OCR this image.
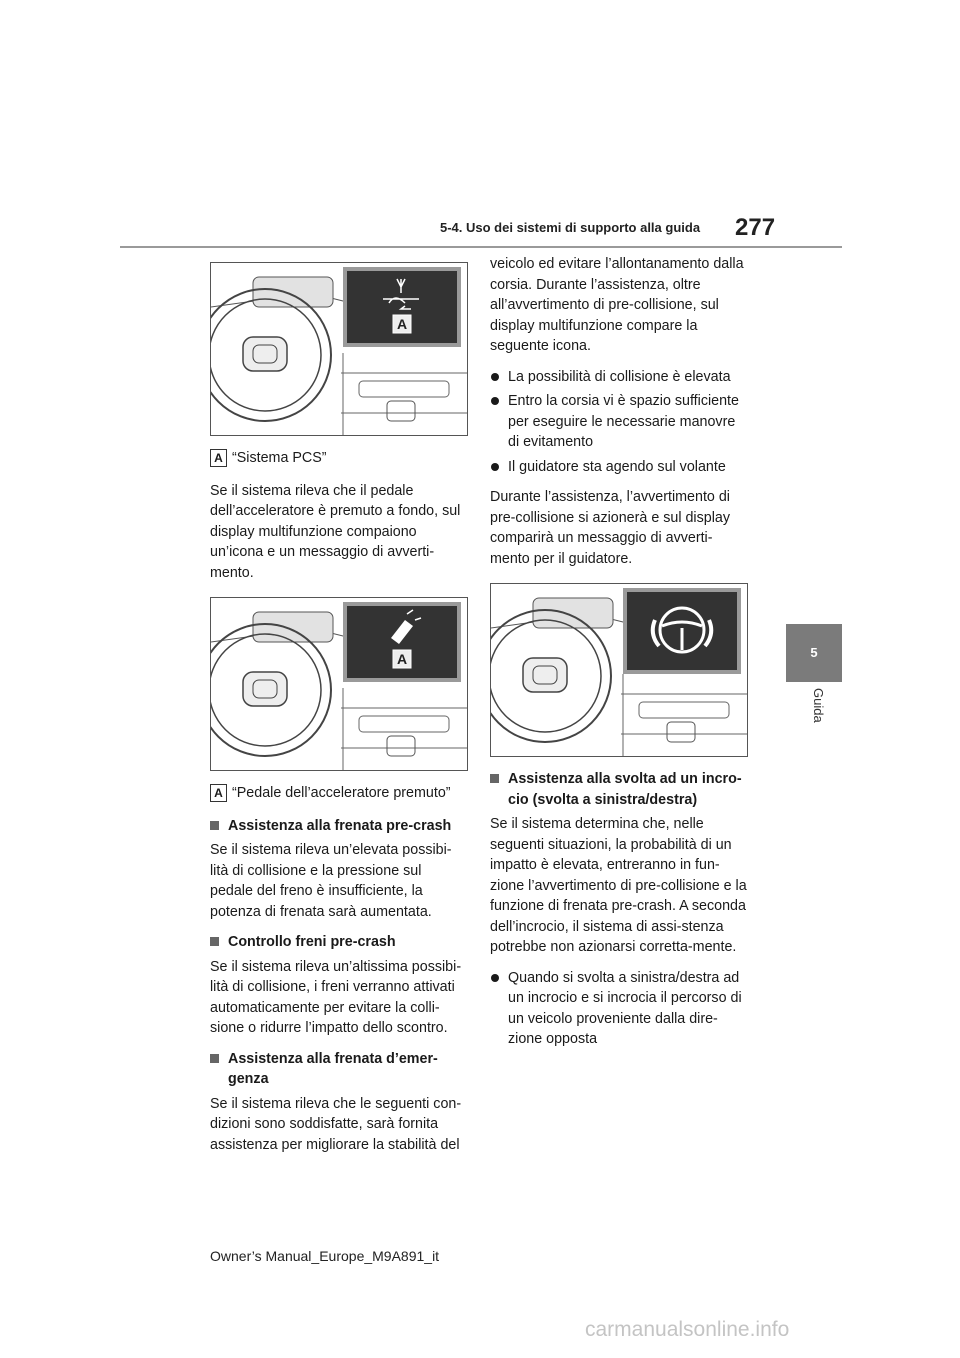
5-4. Uso dei sistemi di supporto alla guida 277
5
Guida
A
A “Sistema PCS”

Se il sistema rileva che il pedale dell’acceleratore è premuto a fondo, sul display multifunzione compaiono un’icona e un messaggio di avverti-mento.

A
A “Pedale dell’acceleratore premuto”
Assistenza alla frenata pre-crash

Se il sistema rileva un’elevata possibi-lità di collisione e la pressione sul pedale del freno è insufficiente, la potenza di frenata sarà aumentata.

Controllo freni pre-crash

Se il sistema rileva un’altissima possibi-lità di collisione, i freni verranno attivati automaticamente per evitare la colli-sione o ridurre l’impatto dello scontro.

Assistenza alla frenata d’emer-genza

Se il sistema rileva che le seguenti con-dizioni sono soddisfatte, sarà fornita assistenza per migliorare la stabilità del

veicolo ed evitare l’allontanamento dalla corsia. Durante l’assistenza, oltre all’avvertimento di pre-collisione, sul display multifunzione compare la seguente icona.

La possibilità di collisione è elevata
Entro la corsia vi è spazio sufficiente per eseguire le necessarie manovre di evitamento
Il guidatore sta agendo sul volante

Durante l’assistenza, l’avvertimento di pre-collisione si azionerà e sul display comparirà un messaggio di avverti-mento per il guidatore.

Assistenza alla svolta ad un incro-cio (svolta a sinistra/destra)

Se il sistema determina che, nelle seguenti situazioni, la probabilità di un impatto è elevata, entreranno in fun-zione l’avvertimento di pre-collisione e la funzione di frenata pre-crash. A seconda dell’incrocio, il sistema di assi-stenza potrebbe non azionarsi corretta-mente.

Quando si svolta a sinistra/destra ad un incrocio e si incrocia il percorso di un veicolo proveniente dalla dire-zione opposta
Owner’s Manual_Europe_M9A891_it
carmanualsonline.info
